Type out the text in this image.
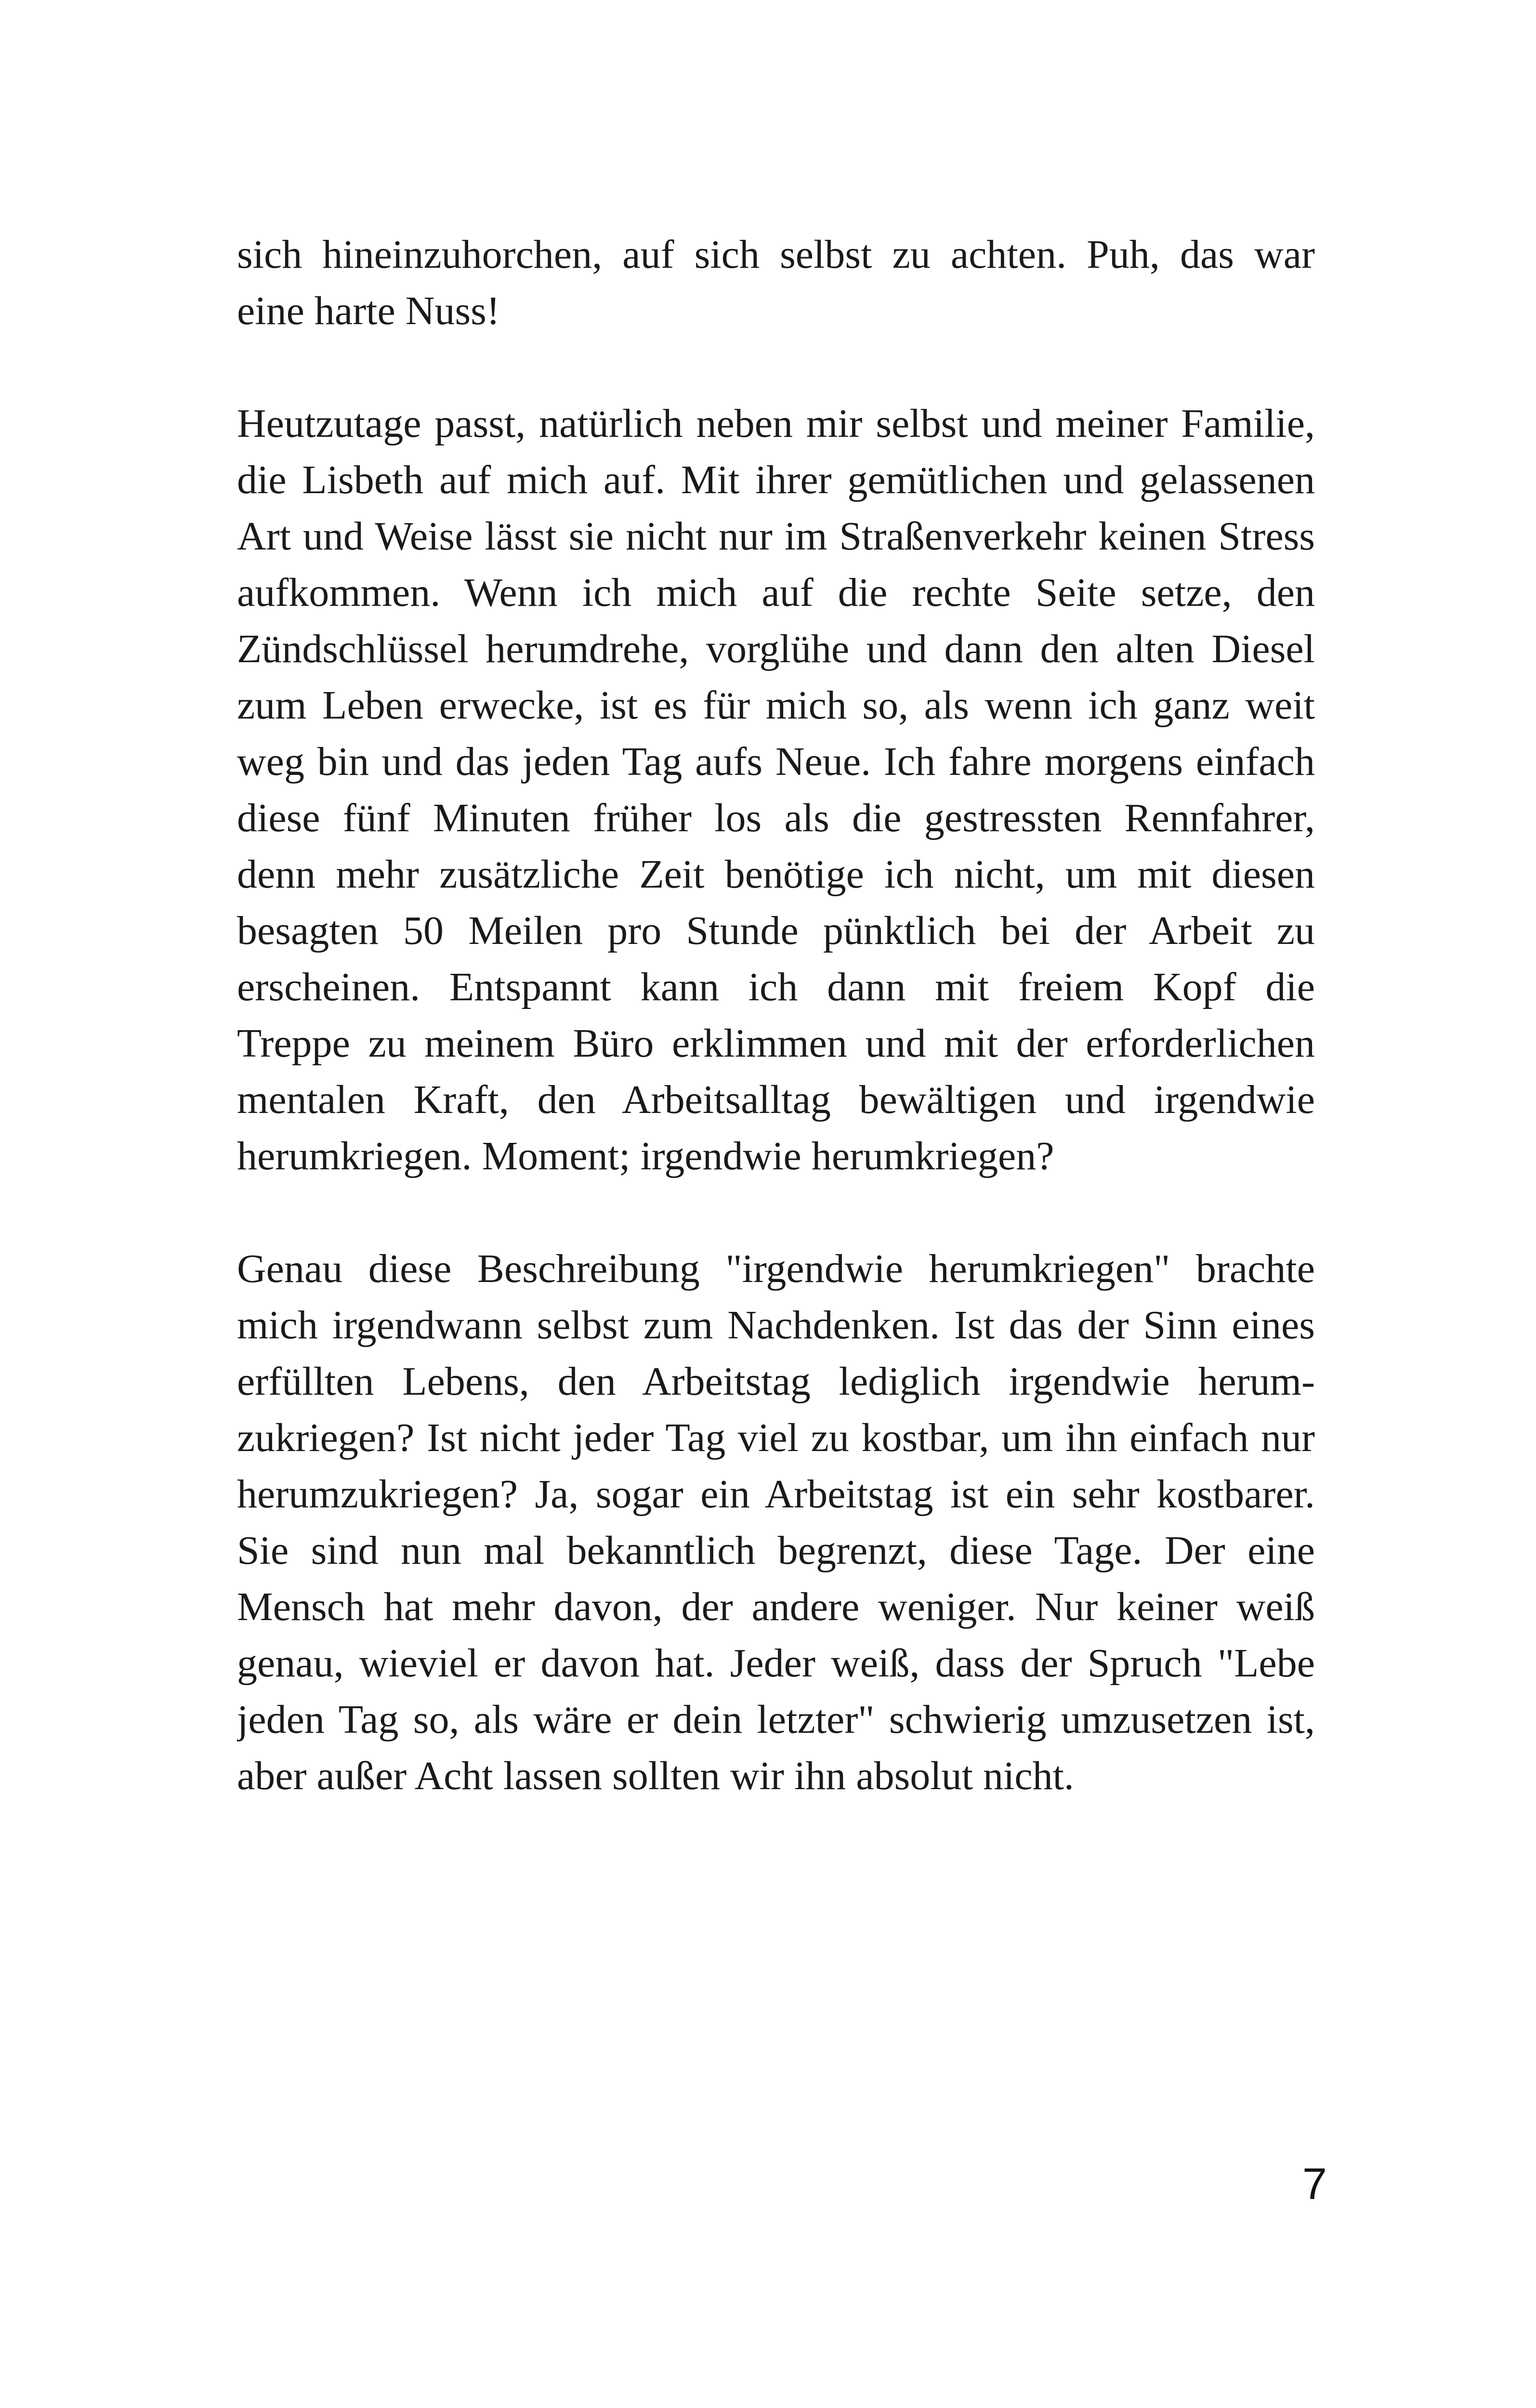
sich hineinzuhorchen, auf sich selbst zu achten. Puh, das war
eine harte Nuss!
Heutzutage passt, natürlich neben mir selbst und meiner Familie,
die Lisbeth auf mich auf. Mit ihrer gemütlichen und gelassenen
Art und Weise lässt sie nicht nur im Straßenverkehr keinen Stress
aufkommen. Wenn ich mich auf die rechte Seite setze, den
Zündschlüssel herumdrehe, vorglühe und dann den alten Diesel
zum Leben erwecke, ist es für mich so, als wenn ich ganz weit
weg bin und das jeden Tag aufs Neue. Ich fahre morgens einfach
diese fünf Minuten früher los als die gestressten Rennfahrer,
denn mehr zusätzliche Zeit benötige ich nicht, um mit diesen
besagten 50 Meilen pro Stunde pünktlich bei der Arbeit zu
erscheinen. Entspannt kann ich dann mit freiem Kopf die
Treppe zu meinem Büro erklimmen und mit der erforderlichen
mentalen Kraft, den Arbeitsalltag bewältigen und irgendwie
herumkriegen. Moment; irgendwie herumkriegen?
Genau diese Beschreibung "irgendwie herumkriegen" brachte
mich irgendwann selbst zum Nachdenken. Ist das der Sinn eines
erfüllten Lebens, den Arbeitstag lediglich irgendwie herum-
zukriegen? Ist nicht jeder Tag viel zu kostbar, um ihn einfach nur
herumzukriegen? Ja, sogar ein Arbeitstag ist ein sehr kostbarer.
Sie sind nun mal bekanntlich begrenzt, diese Tage. Der eine
Mensch hat mehr davon, der andere weniger. Nur keiner weiß
genau, wieviel er davon hat. Jeder weiß, dass der Spruch "Lebe
jeden Tag so, als wäre er dein letzter" schwierig umzusetzen ist,
aber außer Acht lassen sollten wir ihn absolut nicht.
7
